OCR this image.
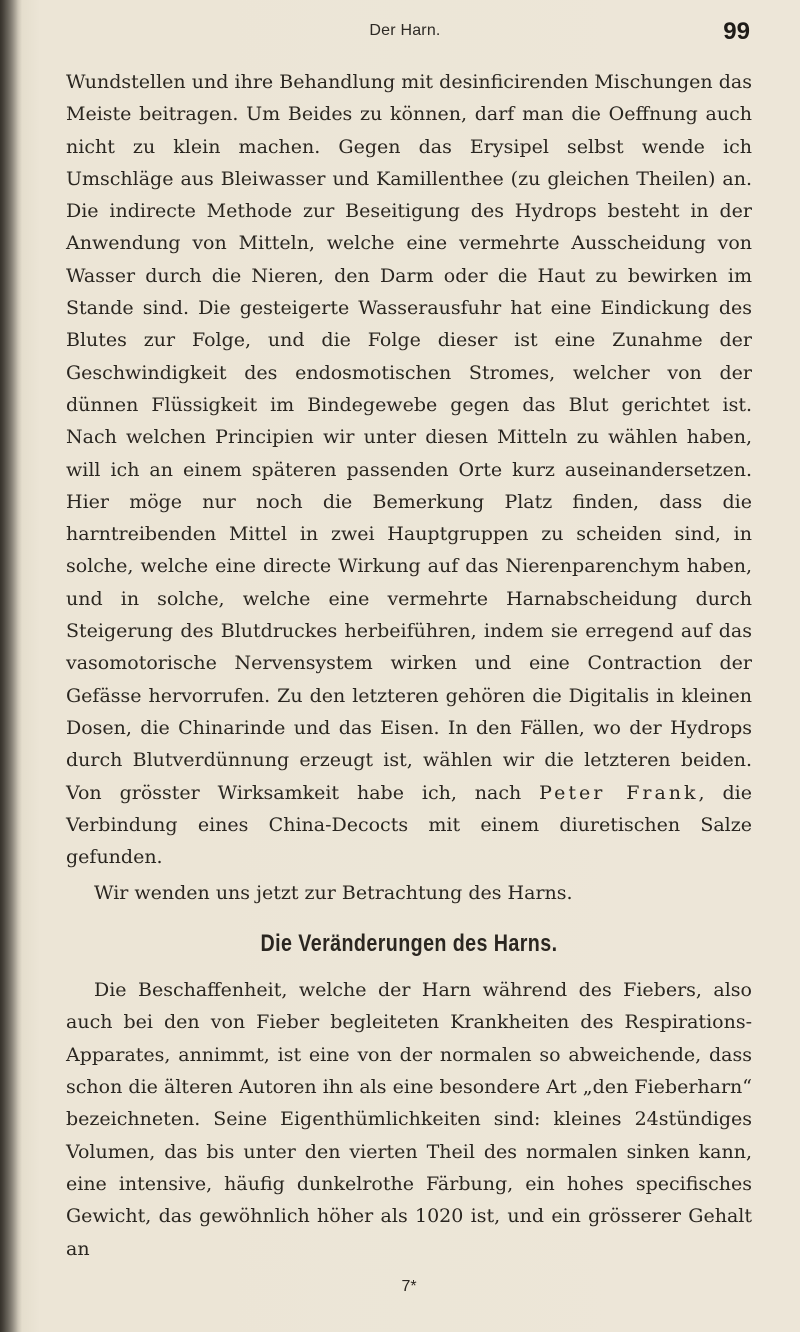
Der Harn.	99

Wundstellen und ihre Behandlung mit desinficirenden Mischungen das Meiste beitragen. Um Beides zu können, darf man die Oeffnung auch nicht zu klein machen. Gegen das Erysipel selbst wende ich Umschläge aus Bleiwasser und Kamillenthee (zu gleichen Theilen) an. Die indirecte Methode zur Beseitigung des Hydrops besteht in der Anwendung von Mitteln, welche eine vermehrte Ausscheidung von Wasser durch die Nieren, den Darm oder die Haut zu bewirken im Stande sind. Die gesteigerte Wasserausfuhr hat eine Eindickung des Blutes zur Folge, und die Folge dieser ist eine Zunahme der Geschwindigkeit des endosmotischen Stromes, welcher von der dünnen Flüssigkeit im Bindegewebe gegen das Blut gerichtet ist. Nach welchen Principien wir unter diesen Mitteln zu wählen haben, will ich an einem späteren passenden Orte kurz auseinandersetzen. Hier möge nur noch die Bemerkung Platz finden, dass die harntreibenden Mittel in zwei Hauptgruppen zu scheiden sind, in solche, welche eine directe Wirkung auf das Nierenparenchym haben, und in solche, welche eine vermehrte Harnabscheidung durch Steigerung des Blutdruckes herbeiführen, indem sie erregend auf das vasomotorische Nervensystem wirken und eine Contraction der Gefässe hervorrufen. Zu den letzteren gehören die Digitalis in kleinen Dosen, die Chinarinde und das Eisen. In den Fällen, wo der Hydrops durch Blutverdünnung erzeugt ist, wählen wir die letzteren beiden. Von grösster Wirksamkeit habe ich, nach Peter Frank, die Verbindung eines China-Decocts mit einem diuretischen Salze gefunden.

Wir wenden uns jetzt zur Betrachtung des Harns.

Die Veränderungen des Harns.

Die Beschaffenheit, welche der Harn während des Fiebers, also auch bei den von Fieber begleiteten Krankheiten des Respirations-Apparates, annimmt, ist eine von der normalen so abweichende, dass schon die älteren Autoren ihn als eine besondere Art „den Fieberharn“ bezeichneten. Seine Eigenthümlichkeiten sind: kleines 24stündiges Volumen, das bis unter den vierten Theil des normalen sinken kann, eine intensive, häufig dunkelrothe Färbung, ein hohes specifisches Gewicht, das gewöhnlich höher als 1020 ist, und ein grösserer Gehalt an

7*
